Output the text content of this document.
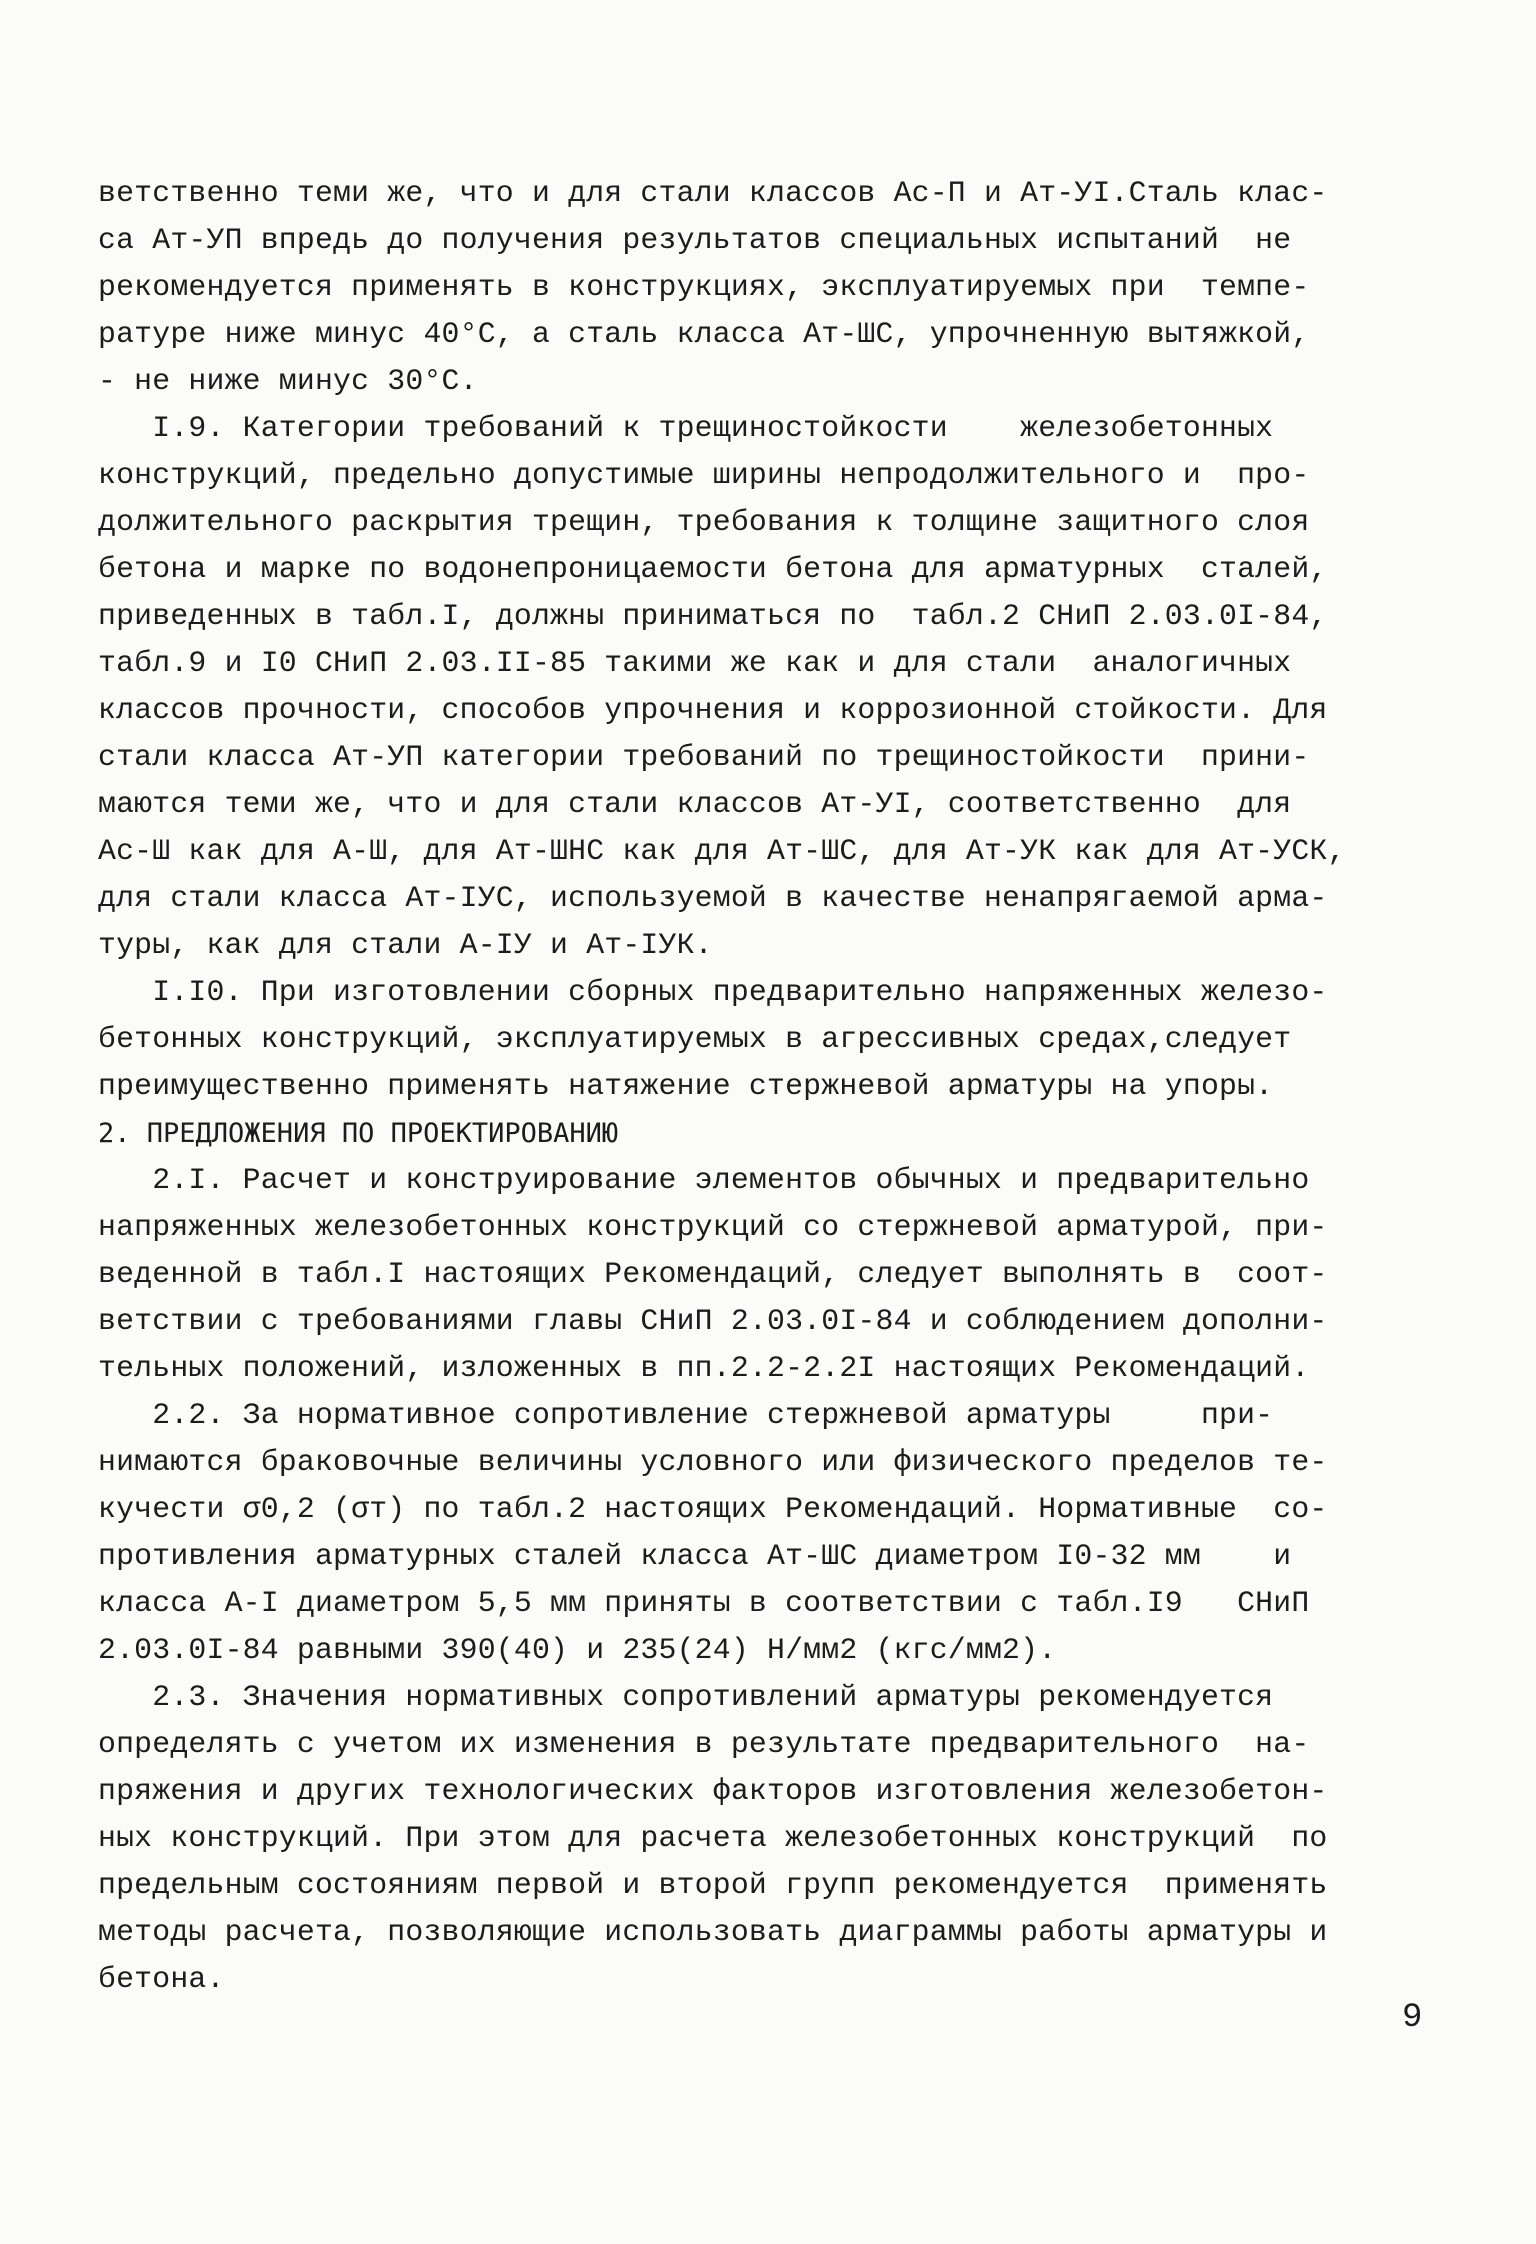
ветственно теми же, что и для стали классов Ас-П и Ат-УI.Сталь клас-
са Ат-УП впредь до получения результатов специальных испытаний  не
рекомендуется применять в конструкциях, эксплуатируемых при  темпе-
ратуре ниже минус 40°С, а сталь класса Ат-ШС, упрочненную вытяжкой,
- не ниже минус 30°С.
I.9. Категории требований к трещиностойкости    железобетонных
конструкций, предельно допустимые ширины непродолжительного и  про-
должительного раскрытия трещин, требования к толщине защитного слоя
бетона и марке по водонепроницаемости бетона для арматурных  сталей,
приведенных в табл.I, должны приниматься по  табл.2 СНиП 2.03.0I-84,
табл.9 и I0 СНиП 2.03.II-85 такими же как и для стали  аналогичных
классов прочности, способов упрочнения и коррозионной стойкости. Для
стали класса Ат-УП категории требований по трещиностойкости  прини-
маются теми же, что и для стали классов Ат-УI, соответственно  для
Ас-Ш как для А-Ш, для Ат-ШНС как для Ат-ШС, для Ат-УК как для Ат-УСК,
для стали класса Ат-IУС, используемой в качестве ненапрягаемой арма-
туры, как для стали А-IУ и Ат-IУК.
I.I0. При изготовлении сборных предварительно напряженных железо-
бетонных конструкций, эксплуатируемых в агрессивных средах,следует
преимущественно применять натяжение стержневой арматуры на упоры.
2. ПРЕДЛОЖЕНИЯ ПО ПРОЕКТИРОВАНИЮ
2.I. Расчет и конструирование элементов обычных и предварительно
напряженных железобетонных конструкций со стержневой арматурой, при-
веденной в табл.I настоящих Рекомендаций, следует выполнять в  соот-
ветствии с требованиями главы СНиП 2.03.0I-84 и соблюдением дополни-
тельных положений, изложенных в пп.2.2-2.2I настоящих Рекомендаций.
2.2. За нормативное сопротивление стержневой арматуры     при-
нимаются браковочные величины условного или физического пределов те-
кучести σ0,2 (σт) по табл.2 настоящих Рекомендаций. Нормативные  со-
противления арматурных сталей класса Ат-ШС диаметром I0-32 мм    и
класса А-I диаметром 5,5 мм приняты в соответствии с табл.I9   СНиП
2.03.0I-84 равными 390(40) и 235(24) Н/мм2 (кгс/мм2).
2.3. Значения нормативных сопротивлений арматуры рекомендуется
определять с учетом их изменения в результате предварительного  на-
пряжения и других технологических факторов изготовления железобетон-
ных конструкций. При этом для расчета железобетонных конструкций  по
предельным состояниям первой и второй групп рекомендуется  применять
методы расчета, позволяющие использовать диаграммы работы арматуры и
бетона.
9
